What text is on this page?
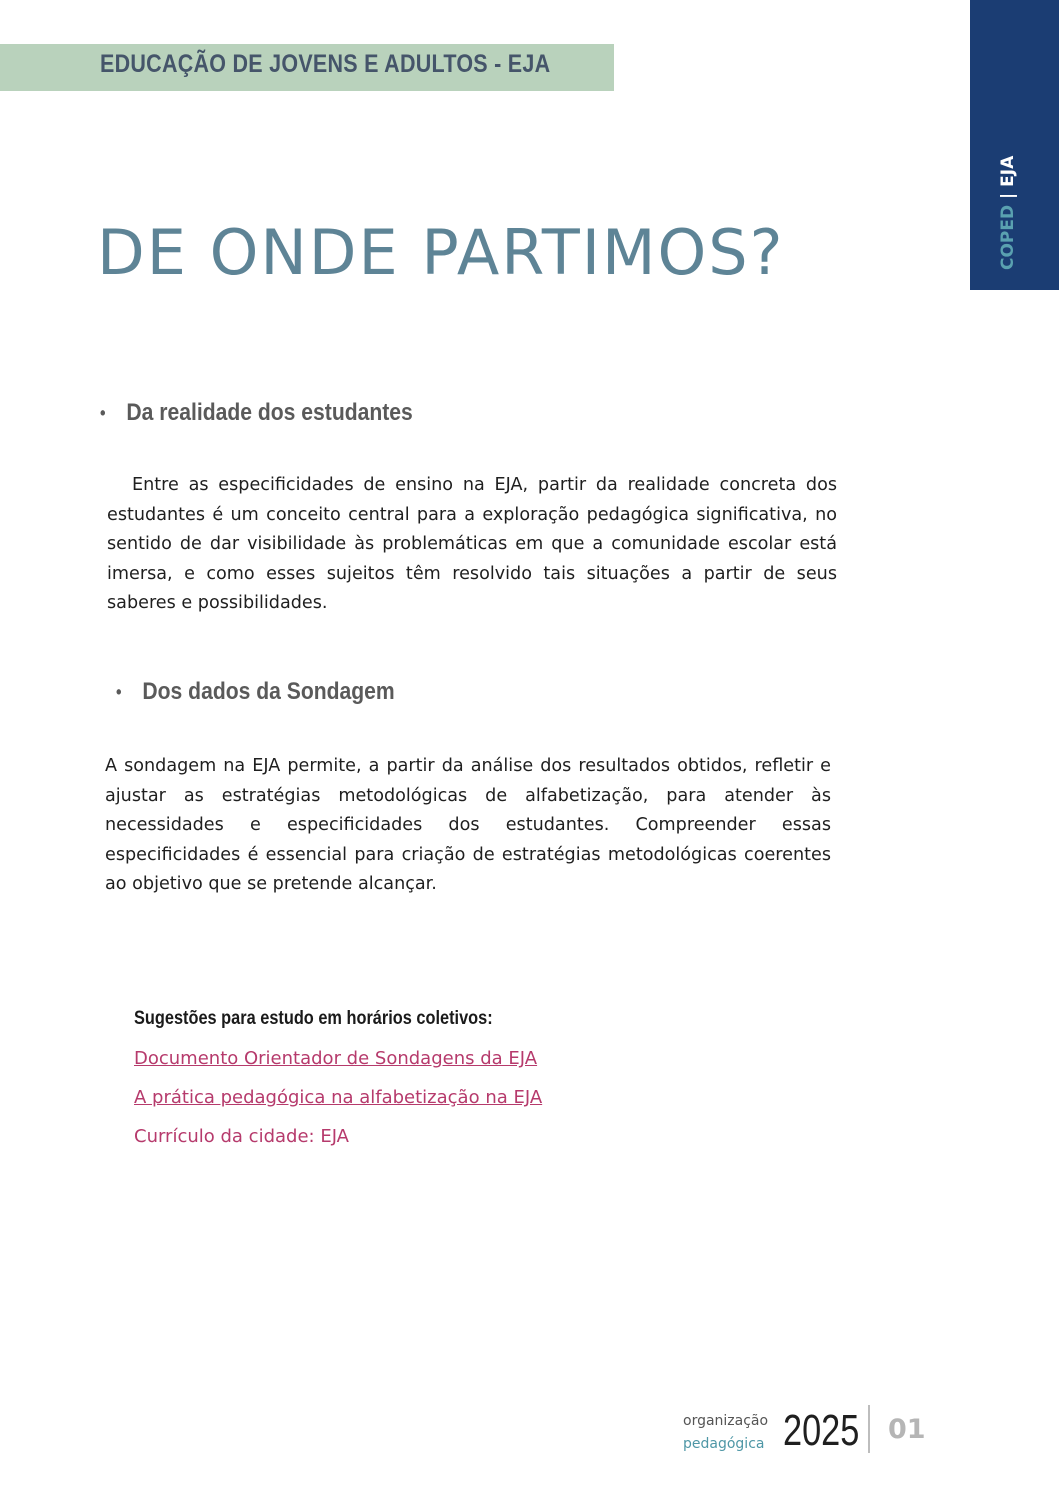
EDUCAÇÃO DE JOVENS E ADULTOS - EJA
COPED | EJA
DE ONDE PARTIMOS?
• Da realidade dos estudantes

Entre as especificidades de ensino na EJA, partir da realidade concreta dos estudantes é um conceito central para a exploração pedagógica significativa, no sentido de dar visibilidade às problemáticas em que a comunidade escolar está imersa, e como esses sujeitos têm resolvido tais situações a partir de seus saberes e possibilidades.

• Dos dados da Sondagem

A sondagem na EJA permite, a partir da análise dos resultados obtidos, refletir e ajustar as estratégias metodológicas de alfabetização, para atender às necessidades e especificidades dos estudantes. Compreender essas especificidades é essencial para criação de estratégias metodológicas coerentes ao objetivo que se pretende alcançar.

Sugestões para estudo em horários coletivos:
Documento Orientador de Sondagens da EJA
A prática pedagógica na alfabetização na EJA
Currículo da cidade: EJA
organização
pedagógica 2025 01
